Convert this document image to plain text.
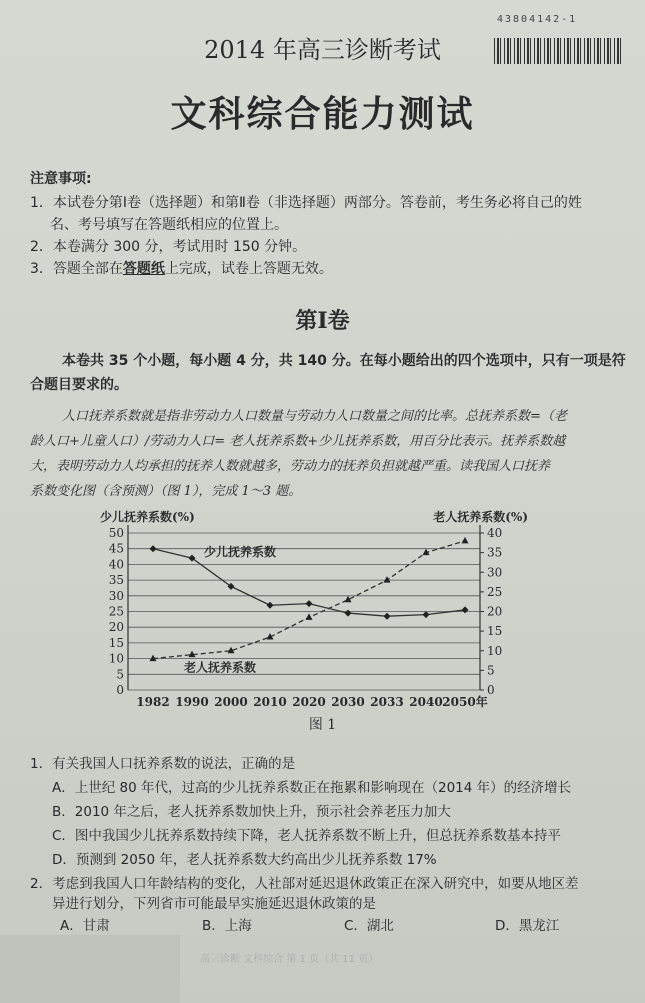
43804142-1
2014 年高三诊断考试
文科综合能力测试
注意事项:
1．本试卷分第Ⅰ卷（选择题）和第Ⅱ卷（非选择题）两部分。答卷前，考生务必将自己的姓
名、考号填写在答题纸相应的位置上。
2．本卷满分 300 分，考试用时 150 分钟。
3．答题全部在答题纸上完成，试卷上答题无效。
第Ⅰ卷
本卷共 35 个小题，每小题 4 分，共 140 分。在每小题给出的四个选项中，只有一项是符
合题目要求的。
人口抚养系数就是指非劳动力人口数量与劳动力人口数量之间的比率。总抚养系数=（老
龄人口+儿童人口）/劳动力人口= 老人抚养系数+少儿抚养系数，用百分比表示。抚养系数越
大，表明劳动力人均承担的抚养人数就越多，劳动力的抚养负担就越严重。读我国人口抚养
系数变化图（含预测）（图 1），完成 1～3 题。
0
5
10
15
20
25
30
35
40
45
50
0
5
10
15
20
25
30
35
40
1982 1990 2000 2010 2020 2030 2033 2040 2050年
少儿抚养系数(%)	老人抚养系数(%)
少儿抚养系数
老人抚养系数
图 1
1．有关我国人口抚养系数的说法，正确的是
A．上世纪 80 年代，过高的少儿抚养系数正在拖累和影响现在（2014 年）的经济增长
B．2010 年之后，老人抚养系数加快上升，预示社会养老压力加大
C．图中我国少儿抚养系数持续下降，老人抚养系数不断上升，但总抚养系数基本持平
D．预测到 2050 年，老人抚养系数大约高出少儿抚养系数 17%
2．考虑到我国人口年龄结构的变化，人社部对延迟退休政策正在深入研究中，如要从地区差
异进行划分，下列省市可能最早实施延迟退休政策的是
A．甘肃	B．上海	C．湖北	D．黑龙江
高三诊断 文科综合 第 1 页（共 11 页）
